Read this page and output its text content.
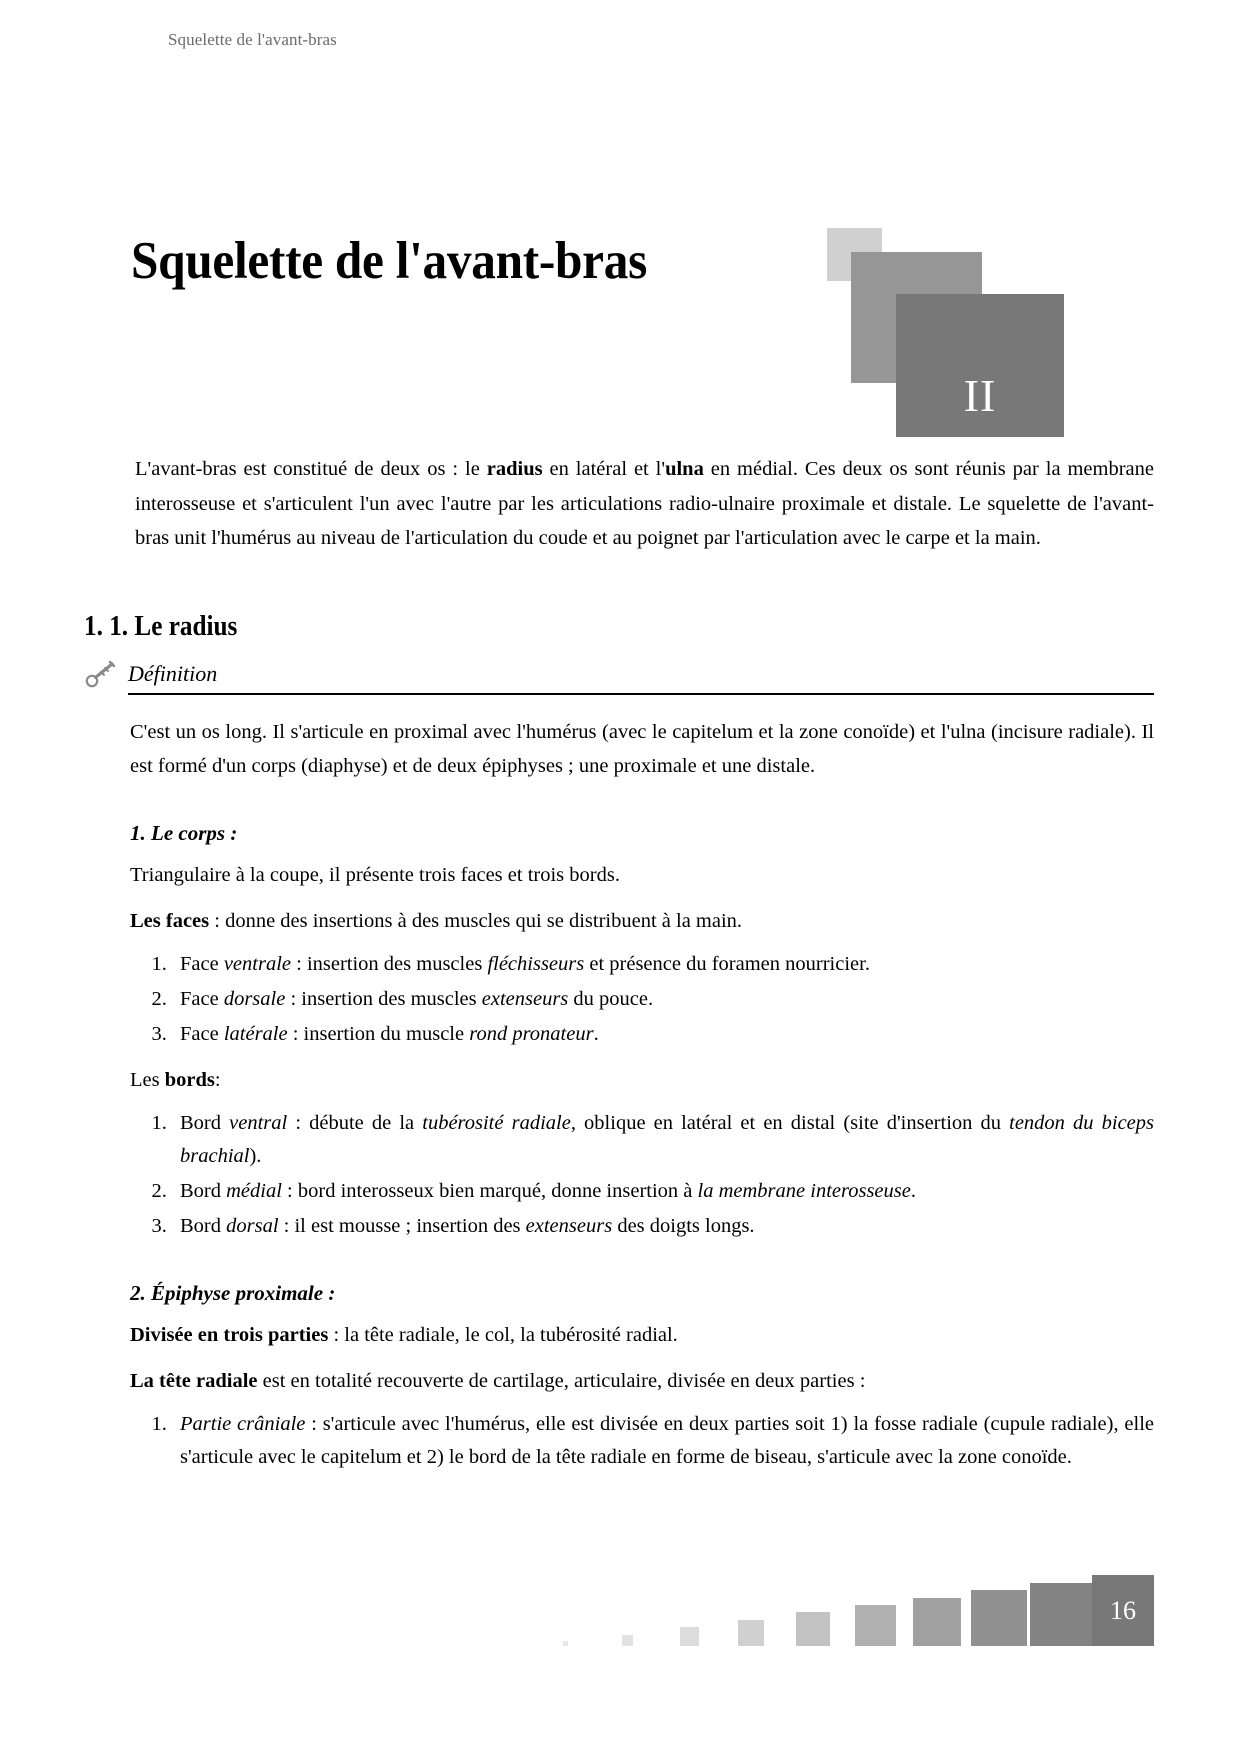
Squelette de l'avant-bras
II
Squelette de l'avant-bras

L'avant-bras est constitué de deux os : le radius en latéral et l'ulna en médial. Ces deux os sont réunis par la membrane interosseuse et s'articulent l'un avec l'autre par les articulations radio-ulnaire proximale et distale. Le squelette de l'avant-bras unit l'humérus au niveau de l'articulation du coude et au poignet par l'articulation avec le carpe et la main.

1. 1. Le radius
Définition

C'est un os long. Il s'articule en proximal avec l'humérus (avec le capitelum et la zone conoïde) et l'ulna (incisure radiale). Il est formé d'un corps (diaphyse) et de deux épiphyses ; une proximale et une distale.

1. Le corps :

Triangulaire à la coupe, il présente trois faces et trois bords.

Les faces : donne des insertions à des muscles qui se distribuent à la main.

1. Face ventrale : insertion des muscles fléchisseurs et présence du foramen nourricier.
2. Face dorsale : insertion des muscles extenseurs du pouce.
3. Face latérale : insertion du muscle rond pronateur.

Les bords:

1. Bord ventral : débute de la tubérosité radiale, oblique en latéral et en distal (site d'insertion du tendon du biceps brachial).
2. Bord médial : bord interosseux bien marqué, donne insertion à la membrane interosseuse.
3. Bord dorsal : il est mousse ; insertion des extenseurs des doigts longs.
2. Épiphyse proximale :

Divisée en trois parties : la tête radiale, le col, la tubérosité radial.

La tête radiale est en totalité recouverte de cartilage, articulaire, divisée en deux parties :

1. Partie crâniale : s'articule avec l'humérus, elle est divisée en deux parties soit 1) la fosse radiale (cupule radiale), elle s'articule avec le capitelum et 2) le bord de la tête radiale en forme de biseau, s'articule avec la zone conoïde.
16
